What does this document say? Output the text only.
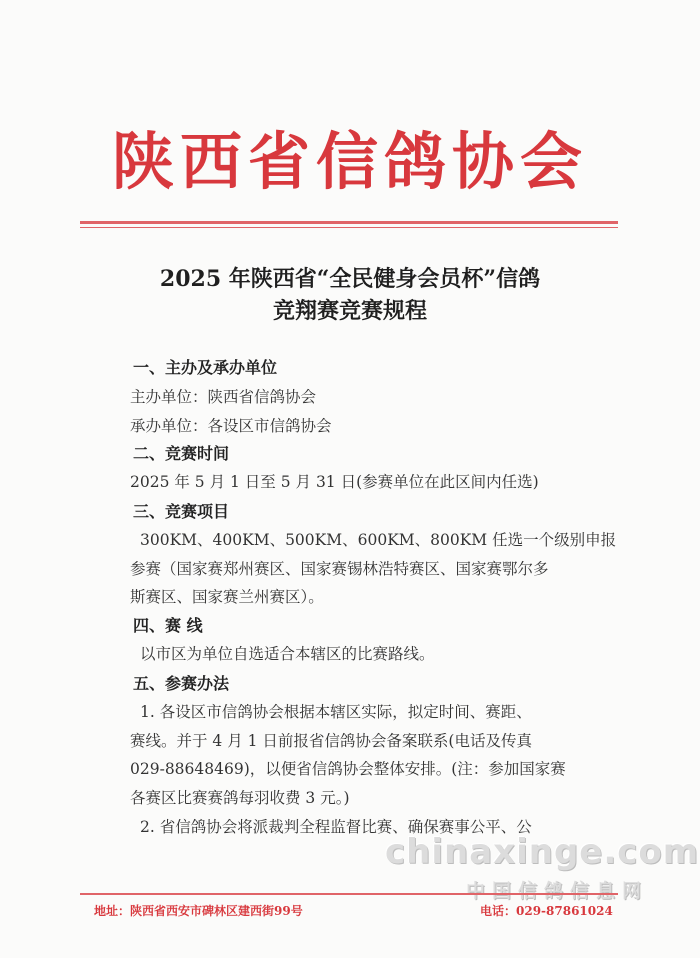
陕西省信鸽协会
2025 年陕西省“全民健身会员杯”信鸽
竞翔赛竞赛规程
一、主办及承办单位
主办单位：陕西省信鸽协会
承办单位：各设区市信鸽协会
二、竞赛时间
2025 年 5 月 1 日至 5 月 31 日(参赛单位在此区间内任选)
三、竞赛项目
300KM、400KM、500KM、600KM、800KM 任选一个级别申报
参赛（国家赛郑州赛区、国家赛锡林浩特赛区、国家赛鄂尔多
斯赛区、国家赛兰州赛区）。
四、赛 线
以市区为单位自选适合本辖区的比赛路线。
五、参赛办法
1. 各设区市信鸽协会根据本辖区实际，拟定时间、赛距、
赛线。并于 4 月 1 日前报省信鸽协会备案联系(电话及传真
029-88648469)，以便省信鸽协会整体安排。(注：参加国家赛
各赛区比赛赛鸽每羽收费 3 元。)
2. 省信鸽协会将派裁判全程监督比赛、确保赛事公平、公
chinaxinge.com
中国信鸽信息网
地址：陕西省西安市碑林区建西街99号	电话：029-87861024
